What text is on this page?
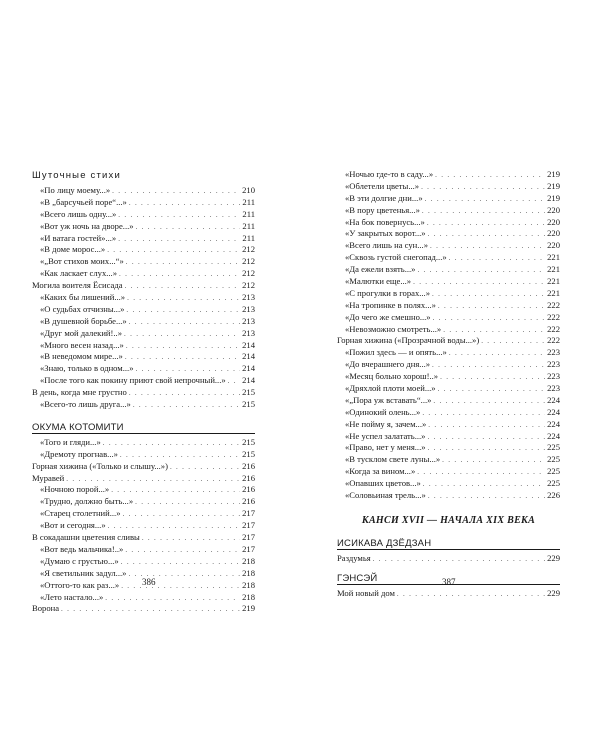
Шуточные стихи
«По лицу моему...» . . .	210
«В „барсучьей поре“...» . . .	211
«Всего лишь одну...» . . .	211
«Вот уж ночь на дворе...» . . .	211
«И ватага гостей»...» . . .	211
«В доме морос...» . . .	212
«„Вот стихов моих...“» . . .	212
«Как ласкает слух...» . . .	212
Могила воителя Ёсисада . . .	212
«Каких бы лишений...» . . .	213
«О судьбах отчизны...» . . .	213
«В душевной борьбе...» . . .	213
«Друг мой далекий!..» . . .	213
«Много весен назад...» . . .	214
«В неведомом мире...» . . .	214
«Знаю, только в одном...» . . .	214
«После того как покину приют свой непрочный...» . . . 214
В день, когда мне грустно . . .	215
«Всего-то лишь друга...» . . .	215
ОКУМА КОТОМИТИ
«Того и гляди...» . . .	215
«Дремоту прогнав...» . . .	215
Горная хижина («Только и слышу...») . . .	216
Муравей . . .	216
«Ночною порой...» . . .	216
«Трудно, должно быть...» . . .	216
«Старец столетний...» . . .	217
«Вот и сегодня...» . . .	217
В сокадашни цветения сливы . . .	217
«Вот ведь мальчика!..» . . .	217
«Думаю с грустью...» . . .	218
«Я светильник задул...» . . .	218
«Оттого-то как раз...» . . .	218
«Лето настало...» . . .	218
Ворона . . .	219
386
«Ночью где-то в саду...» . . .	219
«Облетели цветы...» . . .	219
«В эти долгие дни...» . . .	219
«В пору цветенья...» . . .	220
«На бок повернусь...» . . .	220
«У закрытых ворот...» . . .	220
«Всего лишь на сун...» . . .	220
«Сквозь густой снегопад...» . . .	221
«Да ежели взять...» . . .	221
«Малютки еще...» . . .	221
«С прогулки в горах...» . . .	221
«На тропинке в полях...» . . .	222
«До чего же смешно...» . . .	222
«Невозможно смотреть...» . . .	222
Горная хижина («Прозрачной воды...») . . .	222
«Пожил здесь — и опять...» . . .	223
«До вчерашнего дня...» . . .	223
«Месяц больно хорош!..» . . .	223
«Дряхлой плоти моей...» . . .	223
«„Пора уж вставать“...» . . .	224
«Одинокий олень...» . . .	224
«Не пойму я, зачем...» . . .	224
«Не успел залатать...» . . .	224
«Право, нет у меня...» . . .	225
«В тусклом свете луны...» . . .	225
«Когда за вином...» . . .	225
«Опавших цветов...» . . .	225
«Соловьиная трель...» . . .	226
КАНСИ XVII — НАЧАЛА XIX ВЕКА
ИСИКАВА ДЗЁДЗАН
Раздумья . . .	229
ГЭНСЭЙ
Мой новый дом . . .	229
387
